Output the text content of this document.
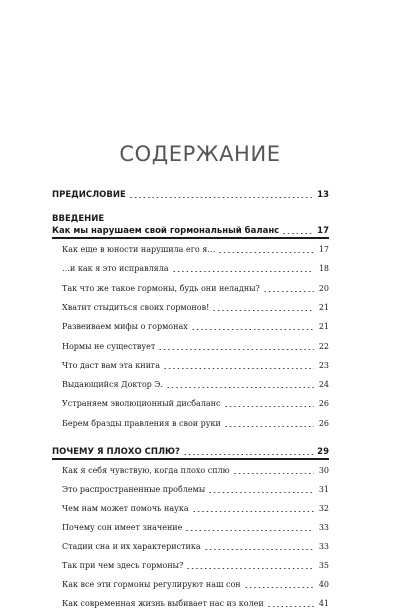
СОДЕРЖАНИЕ
ПРЕДИСЛОВИЕ	13
ВВЕДЕНИЕ
Как мы нарушаем свой гормональный баланс	17
Как еще в юности нарушила его я…	17
…и как я это исправляла	18
Так что же такое гормоны, будь они неладны?	20
Хватит стыдиться своих гормонов!	21
Развеиваем мифы о гормонах	21
Нормы не существует	22
Что даст вам эта книга	23
Выдающийся Доктор Э.	24
Устраняем эволюционный дисбаланс	26
Берем бразды правления в свои руки	26
ПОЧЕМУ Я ПЛОХО СПЛЮ?	29
Как я себя чувствую, когда плохо сплю	30
Это распространенные проблемы	31
Чем нам может помочь наука	32
Почему сон имеет значение	33
Стадии сна и их характеристика	33
Так при чем здесь гормоны?	35
Как все эти гормоны регулируют наш сон	40
Как современная жизнь выбивает нас из колеи	41
